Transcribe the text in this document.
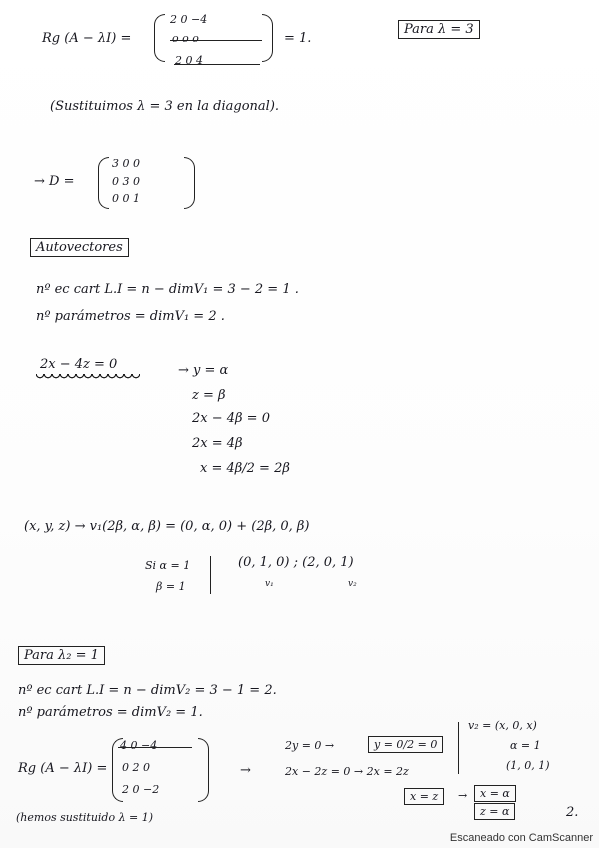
Rg (A − λI) =
2 0 −4
o o o
2 0 4
= 1.
Para λ = 3
(Sustituimos λ = 3 en la diagonal).
→ D =
3 0 0
0 3 0
0 0 1
Autovectores
nº ec cart L.I = n − dimV₁ = 3 − 2 = 1 .
nº parámetros = dimV₁ = 2 .
2x − 4z = 0	→ y = α
z = β
2x − 4β = 0
2x = 4β
x = 4β/2 = 2β
(x, y, z) → v₁(2β, α, β) = (0, α, 0) + (2β, 0, β)
Si α = 1
β = 1
(0, 1, 0) ; (2, 0, 1)
v₁	v₂
Para λ₂ = 1
nº ec cart L.I = n − dimV₂ = 3 − 1 = 2.
nº parámetros = dimV₂ = 1.
Rg (A − λI) =
4 0 −4
0 2 0
2 0 −2
→
2y = 0 →	y = 0/2 = 0
2x − 2z = 0 → 2x = 2z
x = z	→	x = α
z = α
v₂ = (x, 0, x)
α = 1
(1, 0, 1)
(hemos sustituido λ = 1)	2.
Escaneado con CamScanner
